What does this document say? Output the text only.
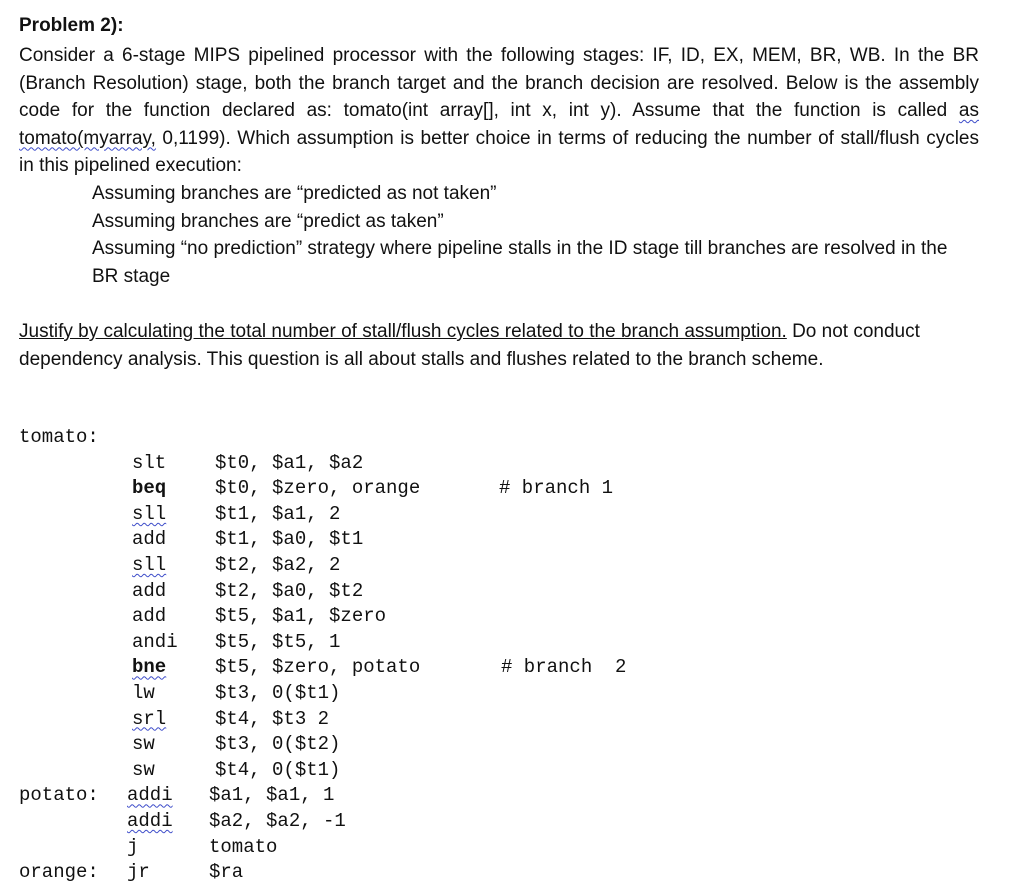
Problem 2):
Consider a 6-stage MIPS pipelined processor with the following stages: IF, ID, EX, MEM, BR, WB. In the BR (Branch Resolution) stage, both the branch target and the branch decision are resolved. Below is the assembly code for the function declared as: tomato(int array[], int x, int y). Assume that the function is called as tomato(myarray, 0,1199). Which assumption is better choice in terms of reducing the number of stall/flush cycles in this pipelined execution:
Assuming branches are “predicted as not taken”
Assuming branches are “predict as taken”
Assuming “no prediction” strategy where pipeline stalls in the ID stage till branches are resolved in the BR stage
Justify by calculating the total number of stall/flush cycles related to the branch assumption. Do not conduct dependency analysis. This question is all about stalls and flushes related to the branch scheme.
tomato:
slt	$t0, $a1, $a2
beq	$t0, $zero, orange	# branch 1
sll	$t1, $a1, 2
add	$t1, $a0, $t1
sll	$t2, $a2, 2
add	$t2, $a0, $t2
add	$t5, $a1, $zero
andi $t5, $t5, 1
bne	$t5, $zero, potato	# branch  2
lw	$t3, 0($t1)
srl	$t4, $t3 2
sw	$t3, 0($t2)
sw	$t4, 0($t1)
potato: addi $a1, $a1, 1
addi $a2, $a2, -1
j	tomato
orange: jr	$ra
